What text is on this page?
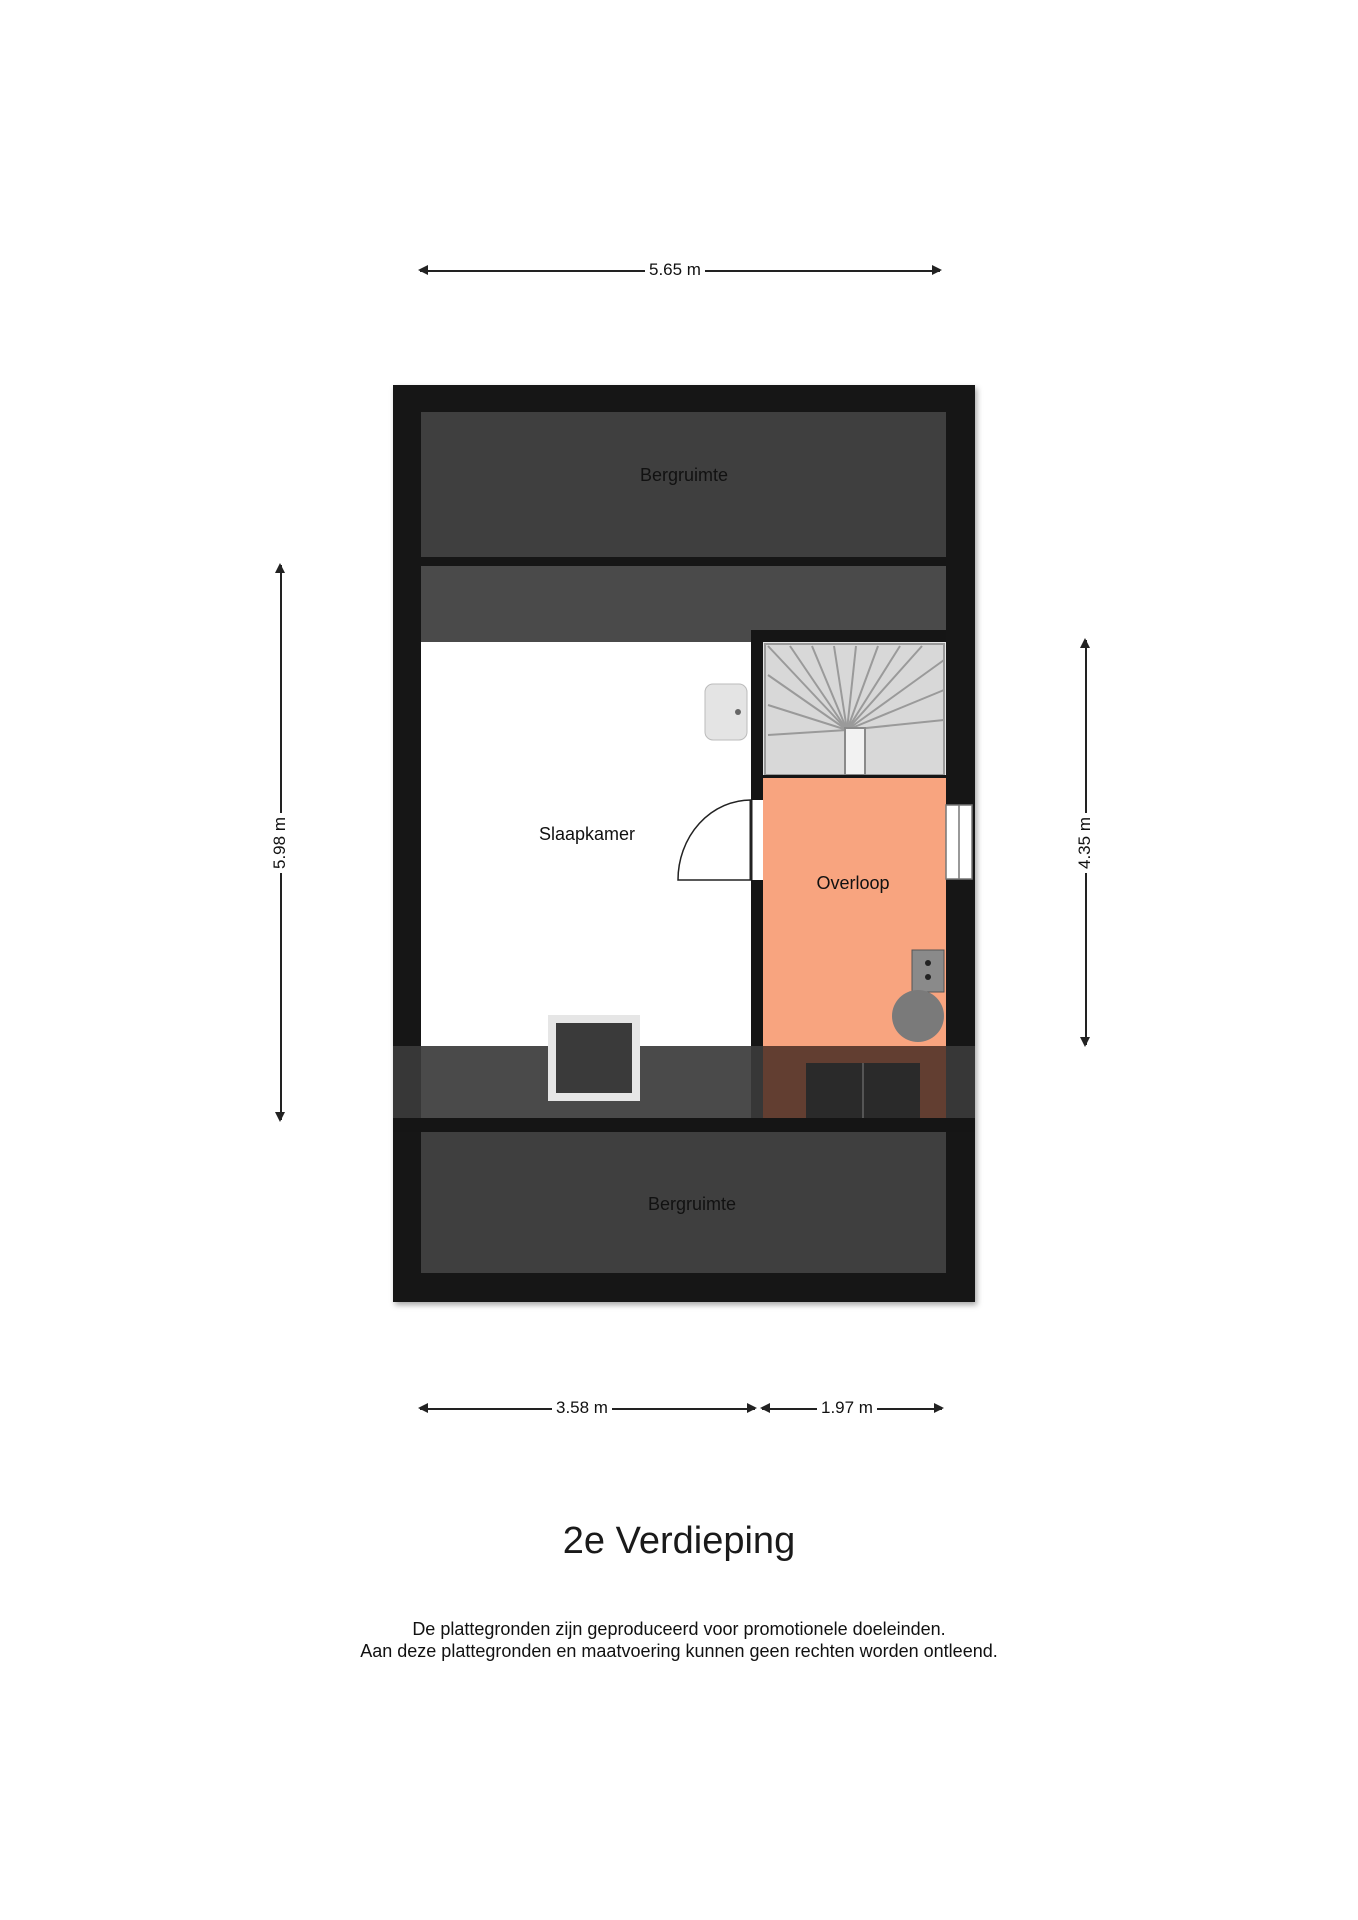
5.65 m
5.98 m	4.35 m
3.58 m	1.97 m
Bergruimte
Slaapkamer
Overloop
Bergruimte
2e Verdieping
De plattegronden zijn geproduceerd voor promotionele doeleinden.
Aan deze plattegronden en maatvoering kunnen geen rechten worden ontleend.
